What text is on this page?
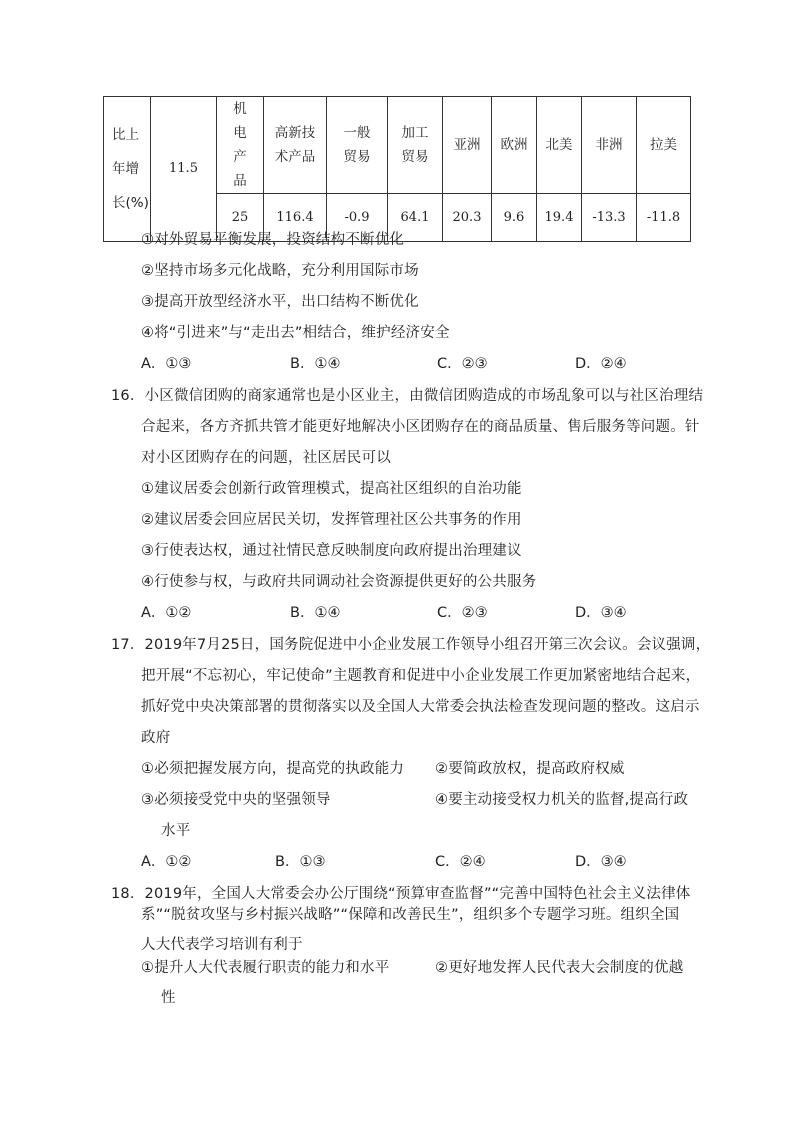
比上年增长(%)	11.5	机电产品	高新技术产品	一般贸易	加工贸易	亚洲	欧洲	北美	非洲	拉美
		25	116.4	-0.9	64.1	20.3	9.6	19.4	-13.3	-11.8
①对外贸易平衡发展，投资结构不断优化
②坚持市场多元化战略，充分利用国际市场
③提高开放型经济水平，出口结构不断优化
④将“引进来”与“走出去”相结合，维护经济安全
A．①③	B．①④	C．②③	D．②④
16．小区微信团购的商家通常也是小区业主，由微信团购造成的市场乱象可以与社区治理结
合起来，各方齐抓共管才能更好地解决小区团购存在的商品质量、售后服务等问题。针
对小区团购存在的问题，社区居民可以
①建议居委会创新行政管理模式，提高社区组织的自治功能
②建议居委会回应居民关切，发挥管理社区公共事务的作用
③行使表达权，通过社情民意反映制度向政府提出治理建议
④行使参与权，与政府共同调动社会资源提供更好的公共服务
A．①②	B．①④	C．②③	D．③④
17．2019年7月25日，国务院促进中小企业发展工作领导小组召开第三次会议。会议强调，
把开展“不忘初心，牢记使命”主题教育和促进中小企业发展工作更加紧密地结合起来，
抓好党中央决策部署的贯彻落实以及全国人大常委会执法检查发现问题的整改。这启示
政府
①必须把握发展方向，提高党的执政能力 ②要简政放权，提高政府权威
③必须接受党中央的坚强领导	④要主动接受权力机关的监督,提高行政
水平
A．①②	B．①③	C．②④	D．③④
18．2019年，全国人大常委会办公厅围绕“预算审查监督”“完善中国特色社会主义法律体
系”“脱贫攻坚与乡村振兴战略”“保障和改善民生”，组织多个专题学习班。组织全国
人大代表学习培训有利于
①提升人大代表履行职责的能力和水平	②更好地发挥人民代表大会制度的优越
性
